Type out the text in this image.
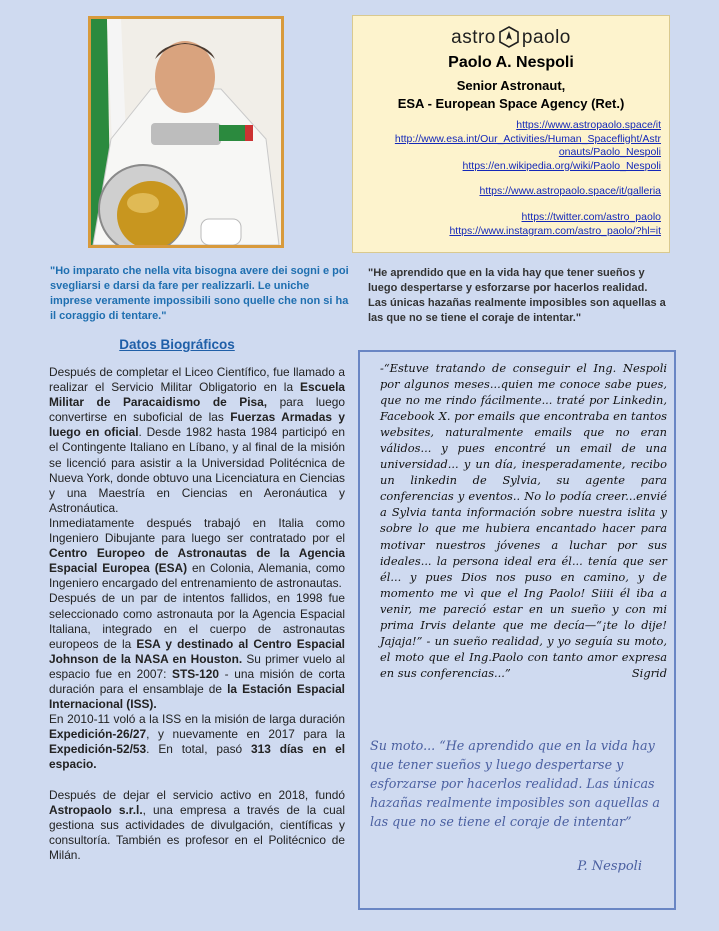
astro paolo
Paolo A. Nespoli
Senior Astronaut,
ESA - European Space Agency (Ret.)
https://www.astropaolo.space/it
http://www.esa.int/Our_Activities/Human_Spaceflight/Astr
onauts/Paolo_Nespoli
https://en.wikipedia.org/wiki/Paolo_Nespoli
https://www.astropaolo.space/it/galleria
https://twitter.com/astro_paolo
https://www.instagram.com/astro_paolo/?hl=it
"Ho imparato che nella vita bisogna avere dei sogni e poi svegliarsi e darsi da fare per realizzarli. Le uniche imprese veramente impossibili sono quelle che non si ha il coraggio di tentare."
"He aprendido que en la vida hay que tener sueños y luego despertarse y esforzarse por hacerlos realidad. Las únicas hazañas realmente imposibles son aquellas a las que no se tiene el coraje de intentar."
Datos Biográficos

Después de completar el Liceo Científico, fue llamado a realizar el Servicio Militar Obligatorio en la Escuela Militar de Paracaidismo de Pisa, para luego convertirse en suboficial de las Fuerzas Armadas y luego en oficial. Desde 1982 hasta 1984 participó en el Contingente Italiano en Líbano, y al final de la misión se licenció para asistir a la Universidad Politécnica de Nueva York, donde obtuvo una Licenciatura en Ciencias y una Maestría en Ciencias en Aeronáutica y Astronáutica.

Inmediatamente después trabajó en Italia como Ingeniero Dibujante para luego ser contratado por el Centro Europeo de Astronautas de la Agencia Espacial Europea (ESA) en Colonia, Alemania, como Ingeniero encargado del entrenamiento de astronautas.

Después de un par de intentos fallidos, en 1998 fue seleccionado como astronauta por la Agencia Espacial Italiana, integrado en el cuerpo de astronautas europeos de la ESA y destinado al Centro Espacial Johnson de la NASA en Houston. Su primer vuelo al espacio fue en 2007: STS-120 - una misión de corta duración para el ensamblaje de la Estación Espacial Internacional (ISS).

En 2010-11 voló a la ISS en la misión de larga duración Expedición-26/27, y nuevamente en 2017 para la Expedición-52/53. En total, pasó 313 días en el espacio.

Después de dejar el servicio activo en 2018, fundó Astropaolo s.r.l., una empresa a través de la cual gestiona sus actividades de divulgación, científicas y consultoría. También es profesor en el Politécnico de Milán.

-“Estuve tratando de conseguir el Ing. Nespoli por algunos meses...quien me conoce sabe pues, que no me rindo fácilmente... traté por Linkedin, Facebook X. por emails que encontraba en tantos websites, naturalmente emails que no eran válidos... y pues encontré un email de una universidad... y un día, inesperadamente, recibo un linkedin de Sylvia, su agente para conferencias y eventos.. No lo podía creer...envié a Sylvia tanta información sobre nuestra islita y sobre lo que me hubiera encantado hacer para motivar nuestros jóvenes a luchar por sus ideales... la persona ideal era él... tenía que ser él... y pues Dios nos puso en camino, y de momento me vì que el Ing Paolo! Siiii él iba a venir, me pareció estar en un sueño y con mi prima Irvis delante que me decía—“¡te lo dije! Jajaja!” - un sueño realidad, y yo seguía su moto, el moto que el Ing.Paolo con tanto amor expresa en sus conferencias...”	Sigrid
Su moto... “He aprendido que en la vida hay que tener sueños y luego despertarse y esforzarse por hacerlos realidad. Las únicas hazañas realmente imposibles son aquellas a las que no se tiene el coraje de intentar”
P. Nespoli
